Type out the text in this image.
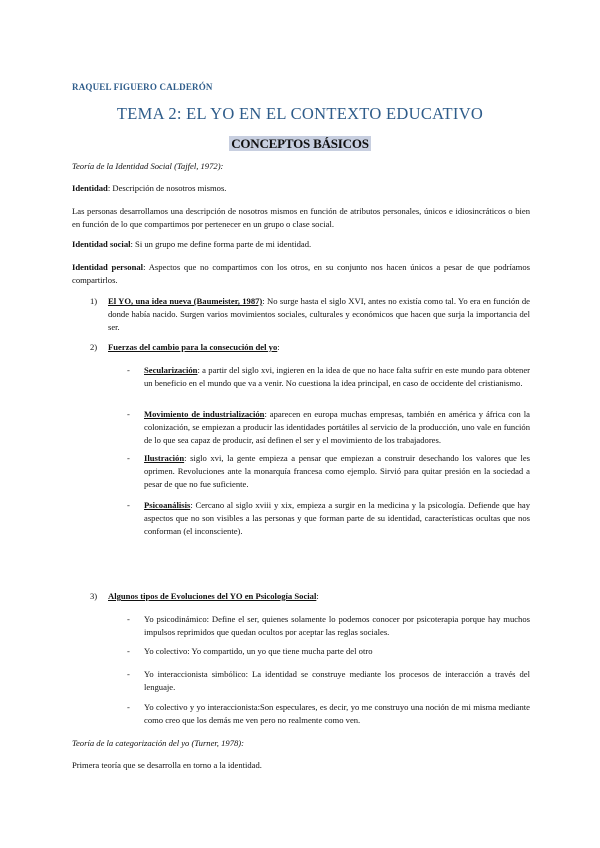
RAQUEL FIGUERO CALDERÓN
TEMA 2: EL YO EN EL CONTEXTO EDUCATIVO
CONCEPTOS BÁSICOS
Teoría de la Identidad Social (Tajfel, 1972):
Identidad: Descripción de nosotros mismos.
Las personas desarrollamos una descripción de nosotros mismos en función de atributos personales, únicos e idiosincráticos o bien en función de lo que compartimos por pertenecer en un grupo o clase social.
Identidad social: Si un grupo me define forma parte de mi identidad.
Identidad personal: Aspectos que no compartimos con los otros, en su conjunto nos hacen únicos a pesar de que podríamos compartirlos.
1) El YO, una idea nueva (Baumeister, 1987): No surge hasta el siglo XVI, antes no existía como tal. Yo era en función de donde había nacido. Surgen varios movimientos sociales, culturales y económicos que hacen que surja la importancia del ser.
2) Fuerzas del cambio para la consecución del yo:
- Secularización: a partir del siglo xvi, ingieren en la idea de que no hace falta sufrir en este mundo para obtener un beneficio en el mundo que va a venir. No cuestiona la idea principal, en caso de occidente del cristianismo.
- Movimiento de industrialización: aparecen en europa muchas empresas, también en américa y áfrica con la colonización, se empiezan a producir las identidades portátiles al servicio de la producción, uno vale en función de lo que sea capaz de producir, así definen el ser y el movimiento de los trabajadores.
- Ilustración: siglo xvi, la gente empieza a pensar que empiezan a construir desechando los valores que les oprimen. Revoluciones ante la monarquía francesa como ejemplo. Sirvió para quitar presión en la sociedad a pesar de que no fue suficiente.
- Psicoanálisis: Cercano al siglo xviii y xix, empieza a surgir en la medicina y la psicología. Defiende que hay aspectos que no son visibles a las personas y que forman parte de su identidad, características ocultas que nos conforman (el inconsciente).
3) Algunos tipos de Evoluciones del YO en Psicología Social:
- Yo psicodinámico: Define el ser, quienes solamente lo podemos conocer por psicoterapia porque hay muchos impulsos reprimidos que quedan ocultos por aceptar las reglas sociales.
- Yo colectivo: Yo compartido, un yo que tiene mucha parte del otro
- Yo interaccionista simbólico: La identidad se construye mediante los procesos de interacción a través del lenguaje.
- Yo colectivo y yo interaccionista:Son especulares, es decir, yo me construyo una noción de mi misma mediante como creo que los demás me ven pero no realmente como ven.
Teoría de la categorización del yo (Turner, 1978):
Primera teoría que se desarrolla en torno a la identidad.
